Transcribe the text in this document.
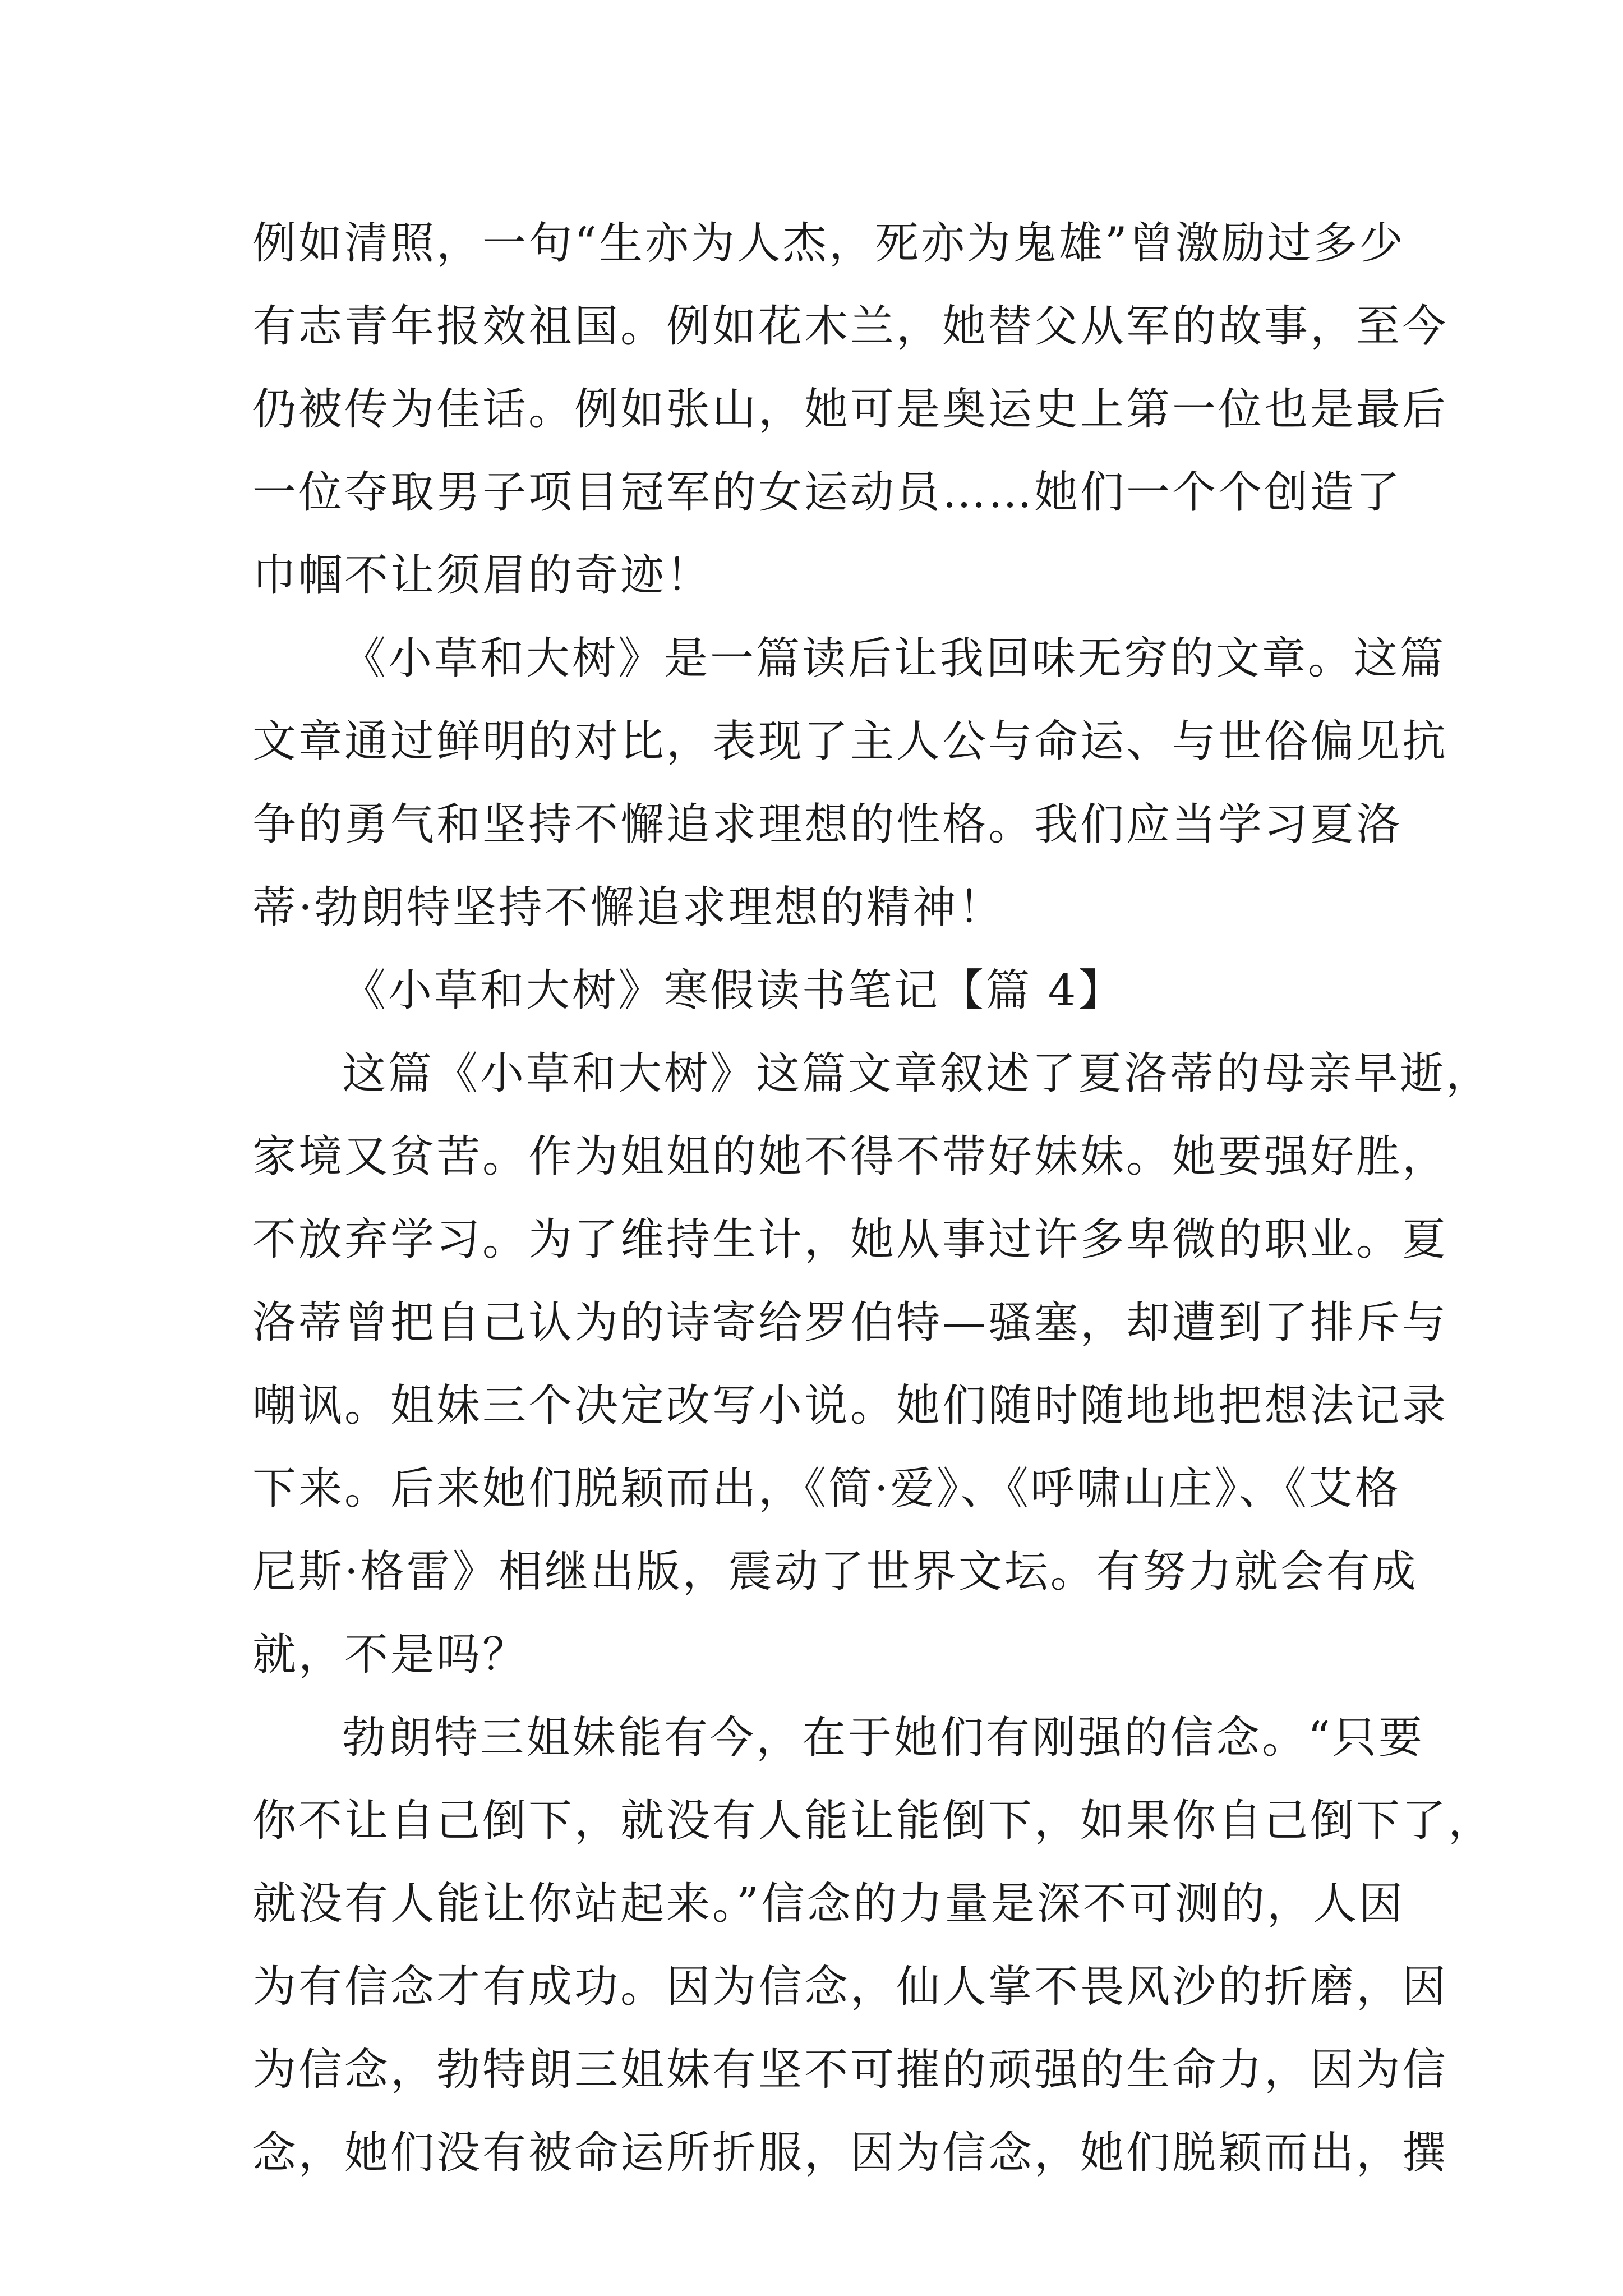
例如清照，一句“生亦为人杰，死亦为鬼雄”曾激励过多少
有志青年报效祖国。例如花木兰，她替父从军的故事，至今
仍被传为佳话。例如张山，她可是奥运史上第一位也是最后
一位夺取男子项目冠军的女运动员……她们一个个创造了
巾帼不让须眉的奇迹！
《小草和大树》是一篇读后让我回味无穷的文章。这篇
文章通过鲜明的对比，表现了主人公与命运、与世俗偏见抗
争的勇气和坚持不懈追求理想的性格。我们应当学习夏洛
蒂·勃朗特坚持不懈追求理想的精神！
《小草和大树》寒假读书笔记【篇 4】
这篇《小草和大树》这篇文章叙述了夏洛蒂的母亲早逝，
家境又贫苦。作为姐姐的她不得不带好妹妹。她要强好胜，
不放弃学习。为了维持生计，她从事过许多卑微的职业。夏
洛蒂曾把自己认为的诗寄给罗伯特—骚塞，却遭到了排斥与
嘲讽。姐妹三个决定改写小说。她们随时随地地把想法记录
下来。后来她们脱颖而出，《简·爱》、《呼啸山庄》、《艾格
尼斯·格雷》相继出版，震动了世界文坛。有努力就会有成
就，不是吗？
勃朗特三姐妹能有今，在于她们有刚强的信念。“只要
你不让自己倒下，就没有人能让能倒下，如果你自己倒下了，
就没有人能让你站起来。”信念的力量是深不可测的，人因
为有信念才有成功。因为信念，仙人掌不畏风沙的折磨，因
为信念，勃特朗三姐妹有坚不可摧的顽强的生命力，因为信
念，她们没有被命运所折服，因为信念，她们脱颖而出，撰
